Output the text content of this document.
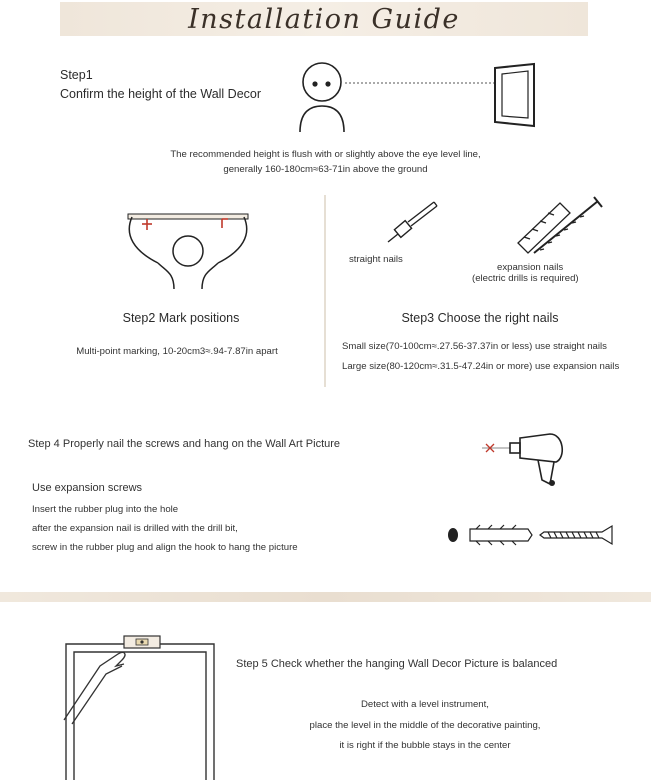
Installation Guide
Step1
Confirm the height of the Wall Decor
The recommended height is flush with or slightly above the eye level line,
generally 160-180cm≈63-71in above the ground
Step2 Mark positions
Multi-point marking, 10-20cm3≈.94-7.87in apart
straight nails
expansion nails
(electric drills is required)
Step3 Choose the right nails
Small size(70-100cm≈.27.56-37.37in or less) use straight nails
Large size(80-120cm≈.31.5-47.24in or more) use expansion nails
Step 4 Properly nail the screws and hang on the Wall Art Picture
Use expansion screws
Insert the rubber plug into the hole
after the expansion nail is drilled with the drill bit,
screw in the rubber plug and align the hook to hang the picture
Step 5 Check whether the hanging Wall Decor Picture is balanced
Detect with a level instrument,
place the level in the middle of the decorative painting,
it is right if the bubble stays in the center
